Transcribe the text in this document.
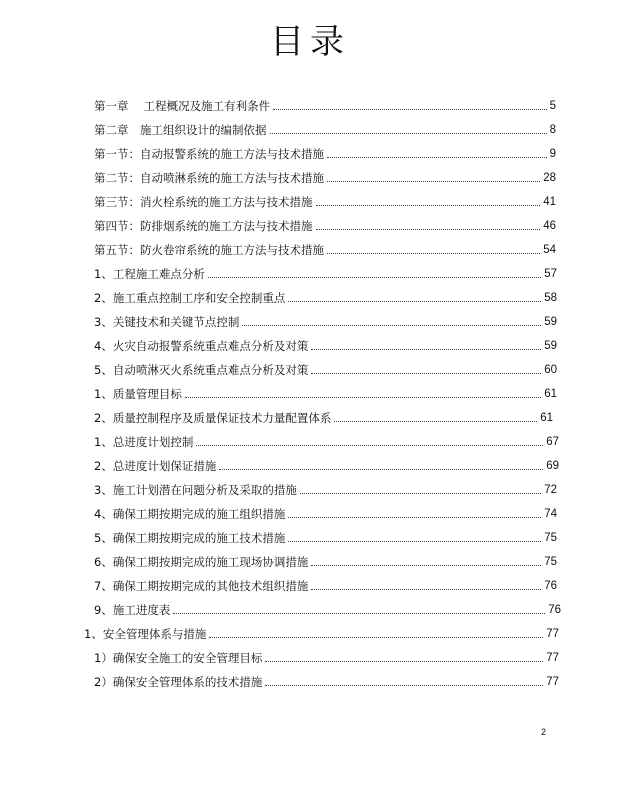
目录
第一章　 工程概况及施工有利条件	5
第二章　施工组织设计的编制依据	8
第一节：自动报警系统的施工方法与技术措施	9
第二节：自动喷淋系统的施工方法与技术措施	28
第三节：消火栓系统的施工方法与技术措施	41
第四节：防排烟系统的施工方法与技术措施	46
第五节：防火卷帘系统的施工方法与技术措施	54
1、工程施工难点分析	57
2、施工重点控制工序和安全控制重点	58
3、关键技术和关键节点控制	59
4、火灾自动报警系统重点难点分析及对策	59
5、自动喷淋灭火系统重点难点分析及对策	60
1、质量管理目标	61
2、质量控制程序及质量保证技术力量配置体系	61
1、总进度计划控制	67
2、总进度计划保证措施	69
3、施工计划潜在问题分析及采取的措施	72
4、确保工期按期完成的施工组织措施	74
5、确保工期按期完成的施工技术措施	75
6、确保工期按期完成的施工现场协调措施	75
7、确保工期按期完成的其他技术组织措施	76
9、施工进度表	76
1、安全管理体系与措施	77
1）确保安全施工的安全管理目标	77
2）确保安全管理体系的技术措施	77
2
